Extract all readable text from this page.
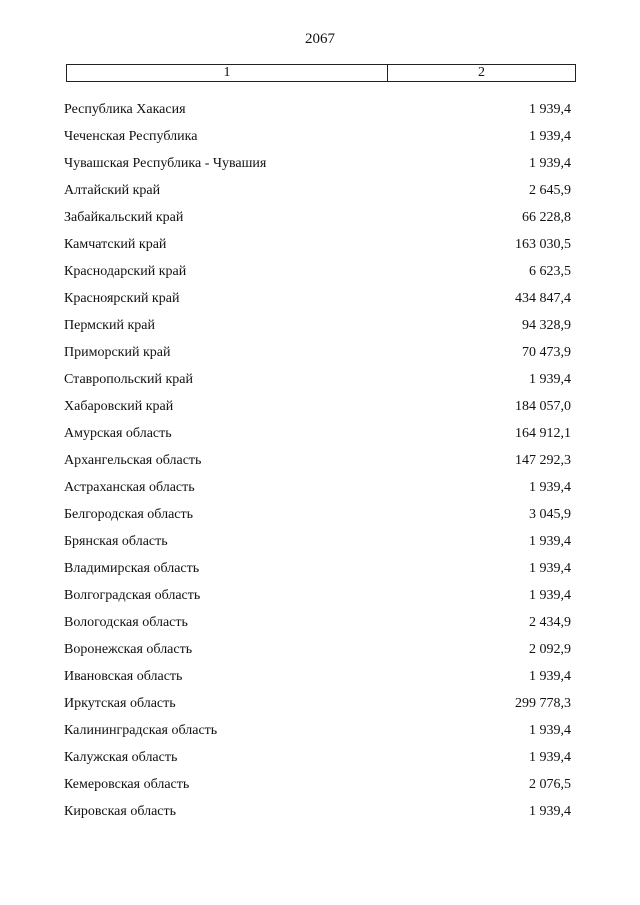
2067
1	2
Республика Хакасия	1 939,4
Чеченская Республика	1 939,4
Чувашская Республика - Чувашия	1 939,4
Алтайский край	2 645,9
Забайкальский край	66 228,8
Камчатский край	163 030,5
Краснодарский край	6 623,5
Красноярский край	434 847,4
Пермский край	94 328,9
Приморский край	70 473,9
Ставропольский край	1 939,4
Хабаровский край	184 057,0
Амурская область	164 912,1
Архангельская область	147 292,3
Астраханская область	1 939,4
Белгородская область	3 045,9
Брянская область	1 939,4
Владимирская область	1 939,4
Волгоградская область	1 939,4
Вологодская область	2 434,9
Воронежская область	2 092,9
Ивановская область	1 939,4
Иркутская область	299 778,3
Калининградская область	1 939,4
Калужская область	1 939,4
Кемеровская область	2 076,5
Кировская область	1 939,4
